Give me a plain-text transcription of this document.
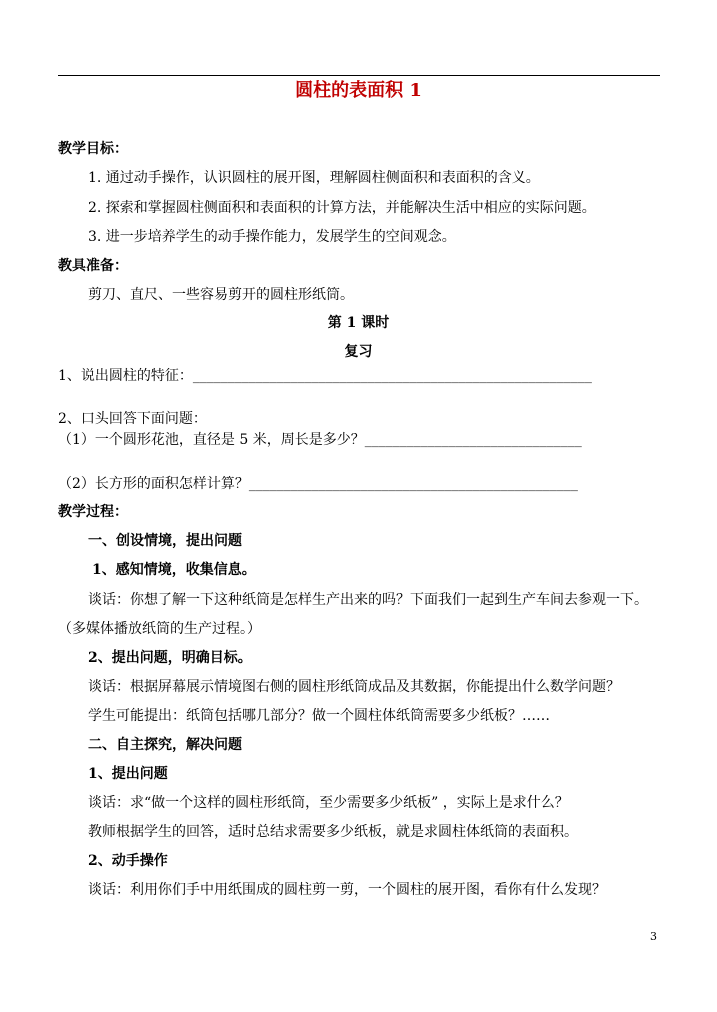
圆柱的表面积 1
教学目标：
1. 通过动手操作，认识圆柱的展开图，理解圆柱侧面积和表面积的含义。
2. 探索和掌握圆柱侧面积和表面积的计算方法，并能解决生活中相应的实际问题。
3. 进一步培养学生的动手操作能力，发展学生的空间观念。
教具准备：
剪刀、直尺、一些容易剪开的圆柱形纸筒。
第 1 课时
复习
1、说出圆柱的特征：_________________________________________________________
2、口头回答下面问题：
（1）一个圆形花池，直径是 5 米，周长是多少？_______________________________
（2）长方形的面积怎样计算？_______________________________________________
教学过程：
一、创设情境，提出问题
1、感知情境，收集信息。
谈话：你想了解一下这种纸筒是怎样生产出来的吗？下面我们一起到生产车间去参观一下。
（多媒体播放纸筒的生产过程。）
2、提出问题，明确目标。
谈话：根据屏幕展示情境图右侧的圆柱形纸筒成品及其数据，你能提出什么数学问题？
学生可能提出：纸筒包括哪几部分？做一个圆柱体纸筒需要多少纸板？……
二、自主探究，解决问题
1、提出问题
谈话：求“做一个这样的圆柱形纸筒，至少需要多少纸板” ，实际上是求什么？
教师根据学生的回答，适时总结求需要多少纸板，就是求圆柱体纸筒的表面积。
2、动手操作
谈话：利用你们手中用纸围成的圆柱剪一剪，一个圆柱的展开图，看你有什么发现？
3
